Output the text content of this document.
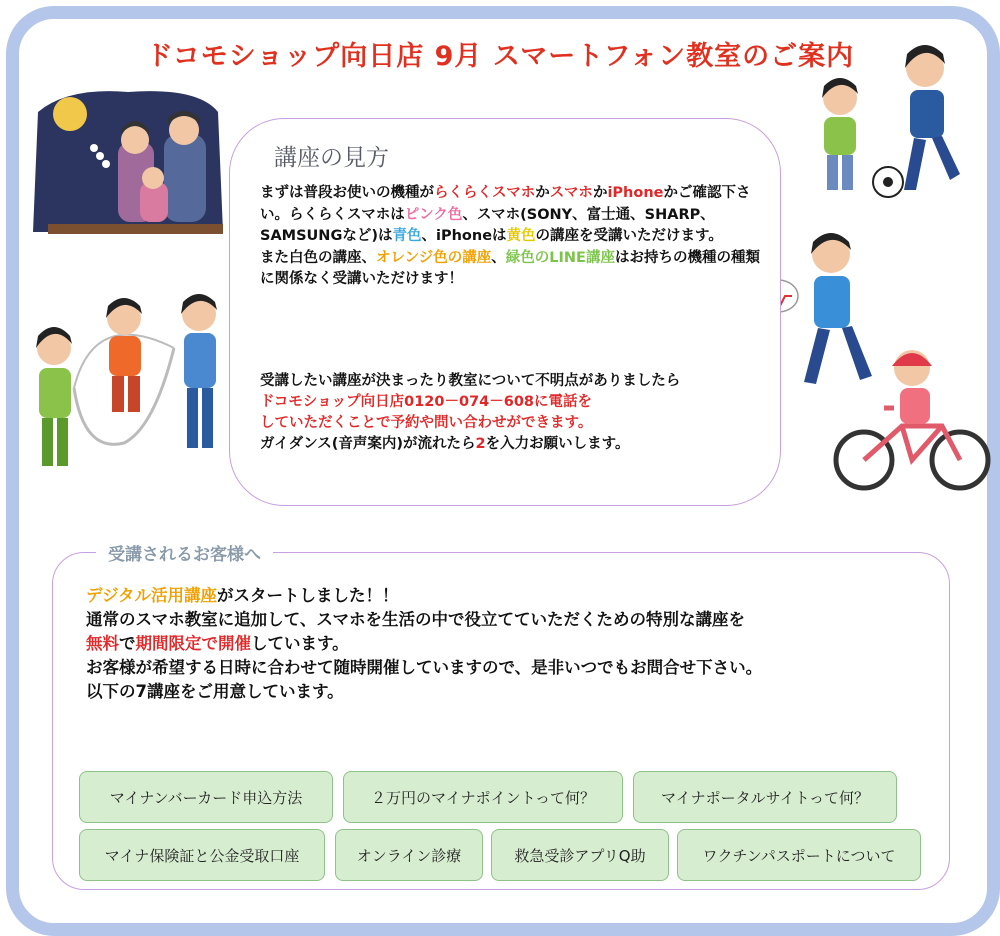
ドコモショップ向日店 9月 スマートフォン教室のご案内
講座の見方

まずは普段お使いの機種がらくらくスマホかスマホかiPhoneかご確認下さい。らくらくスマホはピンク色、スマホ(SONY、富士通、SHARP、SAMSUNGなど)は青色、iPhoneは黄色の講座を受講いただけます。

また白色の講座、オレンジ色の講座、緑色のLINE講座はお持ちの機種の種類に関係なく受講いただけます！

受講したい講座が決まったり教室について不明点がありましたら

ドコモショップ向日店0120－074－608に電話を

していただくことで予約や問い合わせができます。

ガイダンス(音声案内)が流れたら2を入力お願いします。

受講されるお客様へ

デジタル活用講座がスタートしました！！

通常のスマホ教室に追加して、スマホを生活の中で役立てていただくための特別な講座を

無料で期間限定で開催しています。

お客様が希望する日時に合わせて随時開催していますので、是非いつでもお問合せ下さい。

以下の7講座をご用意しています。

マイナンバーカード申込方法	２万円のマイナポイントって何？	マイナポータルサイトって何？
マイナ保険証と公金受取口座	オンライン診療	救急受診アプリQ助	ワクチンパスポートについて
